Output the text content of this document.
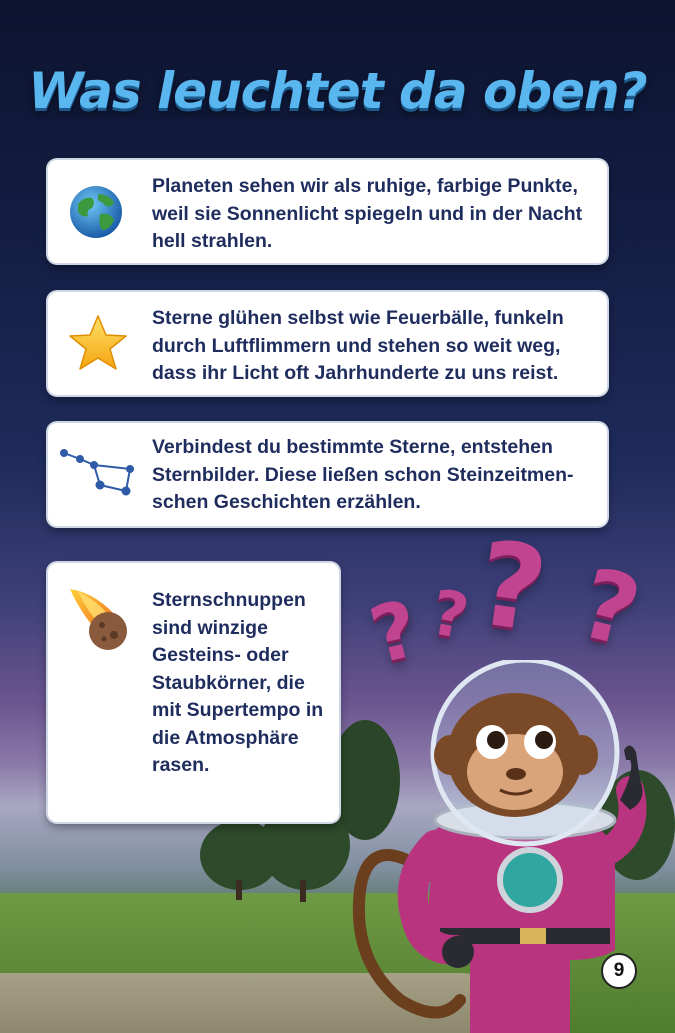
Was leuchtet da oben?
Planeten sehen wir als ruhige, farbige Punkte, weil sie Sonnenlicht spiegeln und in der Nacht hell strahlen.
Sterne glühen selbst wie Feuerbälle, funkeln durch Luftflimmern und stehen so weit weg, dass ihr Licht oft Jahrhunderte zu uns reist.
Verbindest du bestimmte Sterne, entstehen Sternbilder. Diese ließen schon Steinzeitmen-schen Geschichten erzählen.
Sternschnuppen sind winzige Gesteins- oder Staubkörner, die mit Supertempo in die Atmosphäre rasen.
?
?
? ?
9
